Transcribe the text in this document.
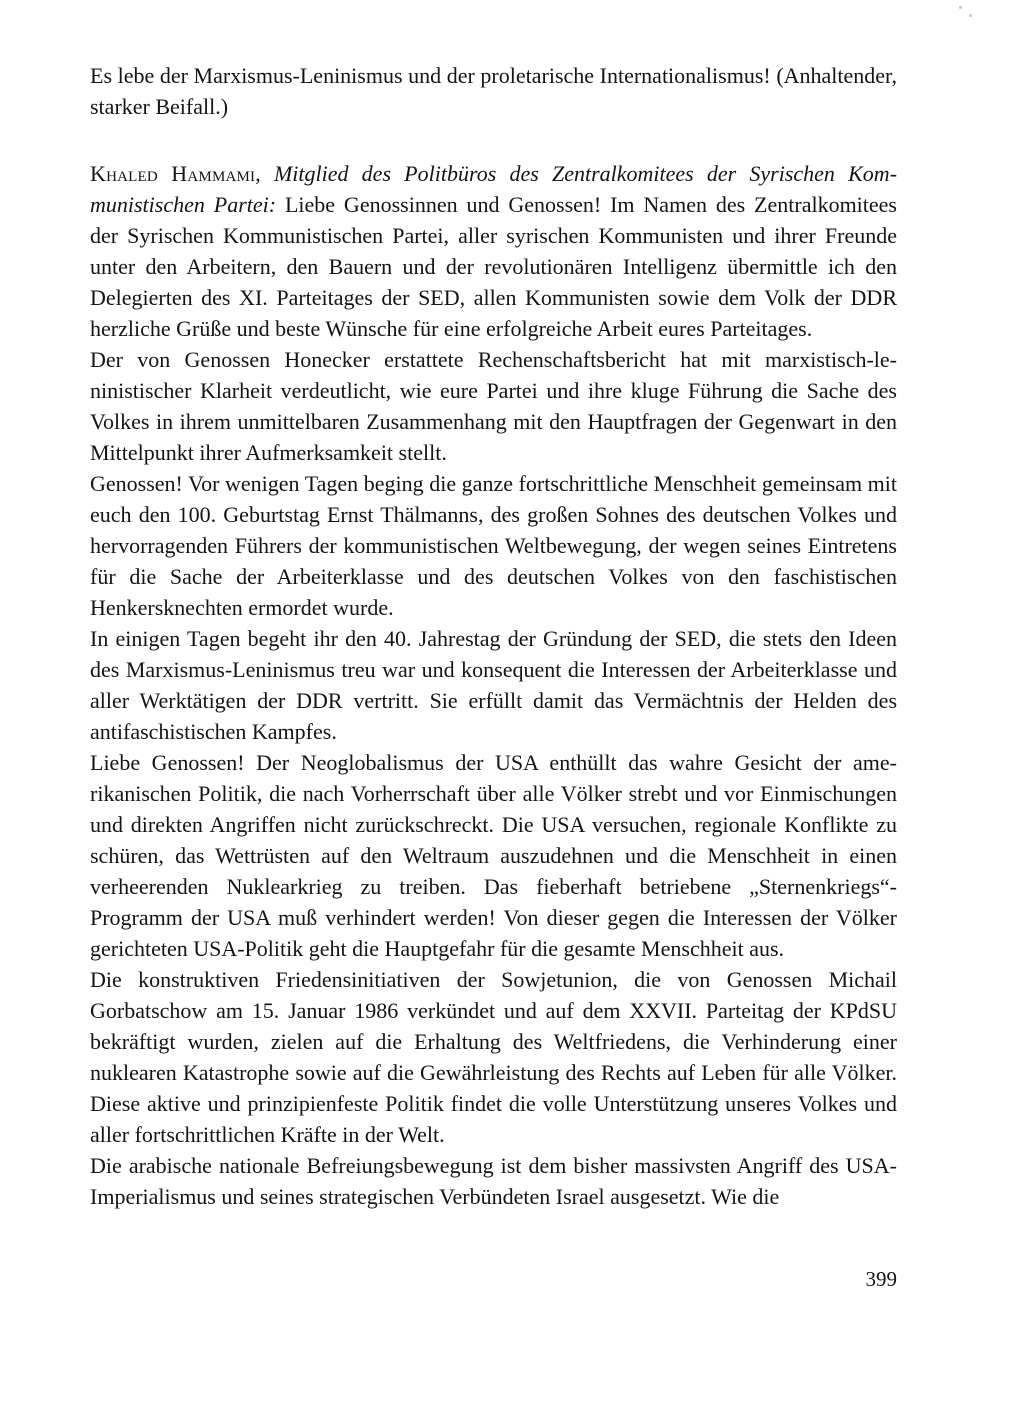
Es lebe der Marxismus-Leninismus und der proletarische Internationalismus! (Anhaltender, starker Beifall.)

Khaled Hammami, Mitglied des Politbüros des Zentralkomitees der Syrischen Kommunistischen Partei: Liebe Genossinnen und Genossen! Im Namen des Zentralkomitees der Syrischen Kommunistischen Partei, aller syrischen Kommunisten und ihrer Freunde unter den Arbeitern, den Bauern und der revolutionären Intelligenz übermittle ich den Delegierten des XI. Parteitages der SED, allen Kommunisten sowie dem Volk der DDR herzliche Grüße und beste Wünsche für eine erfolgreiche Arbeit eures Parteitages.

Der von Genossen Honecker erstattete Rechenschaftsbericht hat mit marxistisch-leninistischer Klarheit verdeutlicht, wie eure Partei und ihre kluge Führung die Sache des Volkes in ihrem unmittelbaren Zusammenhang mit den Hauptfragen der Gegenwart in den Mittelpunkt ihrer Aufmerksamkeit stellt.

Genossen! Vor wenigen Tagen beging die ganze fortschrittliche Menschheit gemeinsam mit euch den 100. Geburtstag Ernst Thälmanns, des großen Sohnes des deutschen Volkes und hervorragenden Führers der kommunistischen Weltbewegung, der wegen seines Eintretens für die Sache der Arbeiterklasse und des deutschen Volkes von den faschistischen Henkersknechten ermordet wurde.

In einigen Tagen begeht ihr den 40. Jahrestag der Gründung der SED, die stets den Ideen des Marxismus-Leninismus treu war und konsequent die Interessen der Arbeiterklasse und aller Werktätigen der DDR vertritt. Sie erfüllt damit das Vermächtnis der Helden des antifaschistischen Kampfes.

Liebe Genossen! Der Neoglobalismus der USA enthüllt das wahre Gesicht der amerikanischen Politik, die nach Vorherrschaft über alle Völker strebt und vor Einmischungen und direkten Angriffen nicht zurückschreckt. Die USA versuchen, regionale Konflikte zu schüren, das Wettrüsten auf den Weltraum auszudehnen und die Menschheit in einen verheerenden Nuklearkrieg zu treiben. Das fieberhaft betriebene „Sternenkriegs“-Programm der USA muß verhindert werden! Von dieser gegen die Interessen der Völker gerichteten USA-Politik geht die Hauptgefahr für die gesamte Menschheit aus.

Die konstruktiven Friedensinitiativen der Sowjetunion, die von Genossen Michail Gorbatschow am 15. Januar 1986 verkündet und auf dem XXVII. Parteitag der KPdSU bekräftigt wurden, zielen auf die Erhaltung des Weltfriedens, die Verhinderung einer nuklearen Katastrophe sowie auf die Gewährleistung des Rechts auf Leben für alle Völker. Diese aktive und prinzipienfeste Politik findet die volle Unterstützung unseres Volkes und aller fortschrittlichen Kräfte in der Welt.

Die arabische nationale Befreiungsbewegung ist dem bisher massivsten Angriff des USA-Imperialismus und seines strategischen Verbündeten Israel ausgesetzt. Wie die

399
